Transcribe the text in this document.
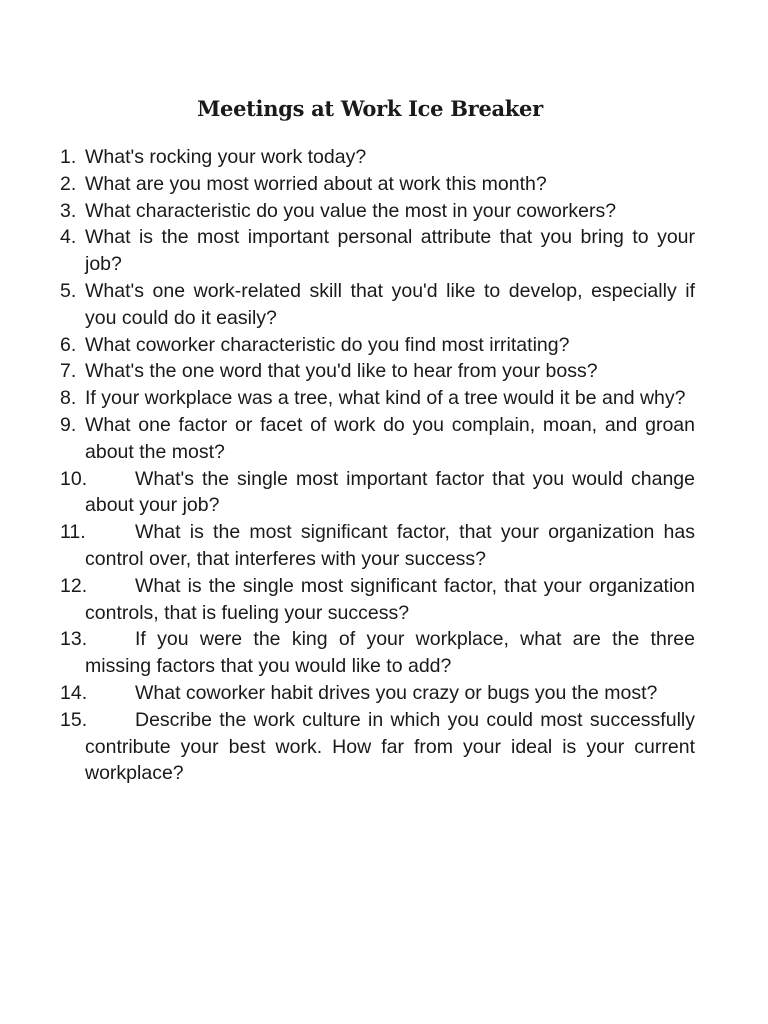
Meetings at Work Ice Breaker
1. What's rocking your work today?
2. What are you most worried about at work this month?
3. What characteristic do you value the most in your coworkers?
4. What is the most important personal attribute that you bring to your job?
5. What's one work-related skill that you'd like to develop, especially if you could do it easily?
6. What coworker characteristic do you find most irritating?
7. What's the one word that you'd like to hear from your boss?
8. If your workplace was a tree, what kind of a tree would it be and why?
9. What one factor or facet of work do you complain, moan, and groan about the most?
10. What's the single most important factor that you would change about your job?
11.	What is the most significant factor, that your organization has control over, that interferes with your success?
12. What is the single most significant factor, that your organization controls, that is fueling your success?
13. If you were the king of your workplace, what are the three missing factors that you would like to add?
14. What coworker habit drives you crazy or bugs you the most?
15. Describe the work culture in which you could most successfully contribute your best work. How far from your ideal is your current workplace?
